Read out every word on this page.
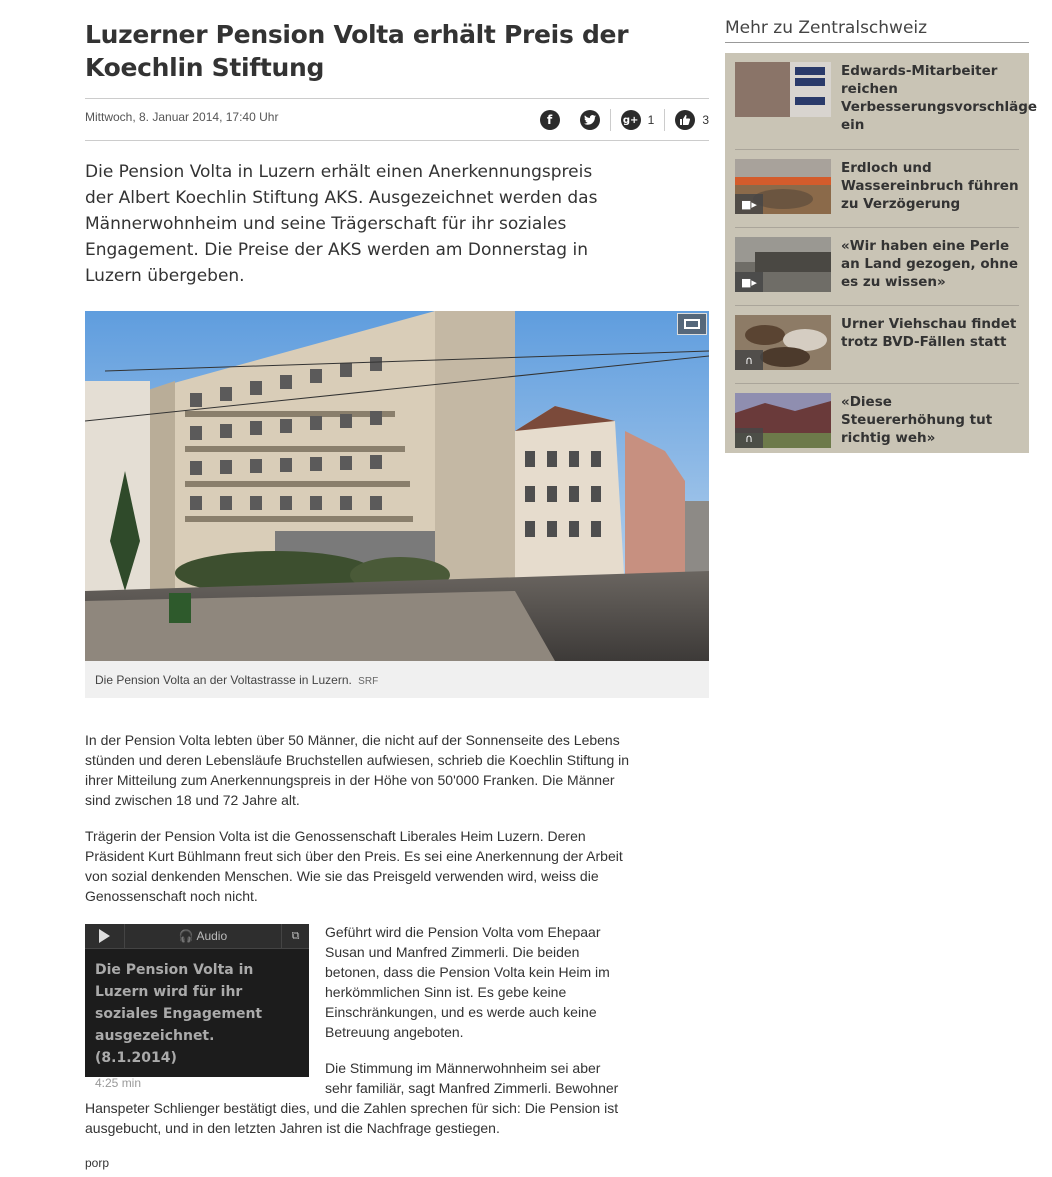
Luzerner Pension Volta erhält Preis der Koechlin Stiftung
Mittwoch, 8. Januar 2014, 17:40 Uhr	f	g+ 1	3

Die Pension Volta in Luzern erhält einen Anerkennungspreis der Albert Koechlin Stiftung AKS. Ausgezeichnet werden das Männerwohnheim und seine Trägerschaft für ihr soziales Engagement. Die Preise der AKS werden am Donnerstag in Luzern übergeben.

Die Pension Volta an der Voltastrasse in Luzern. SRF

In der Pension Volta lebten über 50 Männer, die nicht auf der Sonnenseite des Lebens stünden und deren Lebensläufe Bruchstellen aufwiesen, schrieb die Koechlin Stiftung in ihrer Mitteilung zum Anerkennungspreis in der Höhe von 50'000 Franken. Die Männer sind zwischen 18 und 72 Jahre alt.

Trägerin der Pension Volta ist die Genossenschaft Liberales Heim Luzern. Deren Präsident Kurt Bühlmann freut sich über den Preis. Es sei eine Anerkennung der Arbeit von sozial denkenden Menschen. Wie sie das Preisgeld verwenden wird, weiss die Genossenschaft noch nicht.

🎧 Audio	⧉
Die Pension Volta in Luzern wird für ihr soziales Engagement ausgezeichnet. (8.1.2014)
4:25 min

Geführt wird die Pension Volta vom Ehepaar Susan und Manfred Zimmerli. Die beiden betonen, dass die Pension Volta kein Heim im herkömmlichen Sinn ist. Es gebe keine Einschränkungen, und es werde auch keine Betreuung angeboten.

Die Stimmung im Männerwohnheim sei aber sehr familiär, sagt Manfred Zimmerli. Bewohner Hanspeter Schlienger bestätigt dies, und die Zahlen sprechen für sich: Die Pension ist ausgebucht, und in den letzten Jahren ist die Nachfrage gestiegen.

porp
Mehr zu Zentralschweiz
Edwards-Mitarbeiter reichen Verbesserungsvorschläge ein
■▸
Erdloch und Wassereinbruch führen zu Verzögerung
■▸
«Wir haben eine Perle an Land gezogen, ohne es zu wissen»
∩
Urner Viehschau findet trotz BVD-Fällen statt
∩
«Diese Steuererhöhung tut richtig weh»
